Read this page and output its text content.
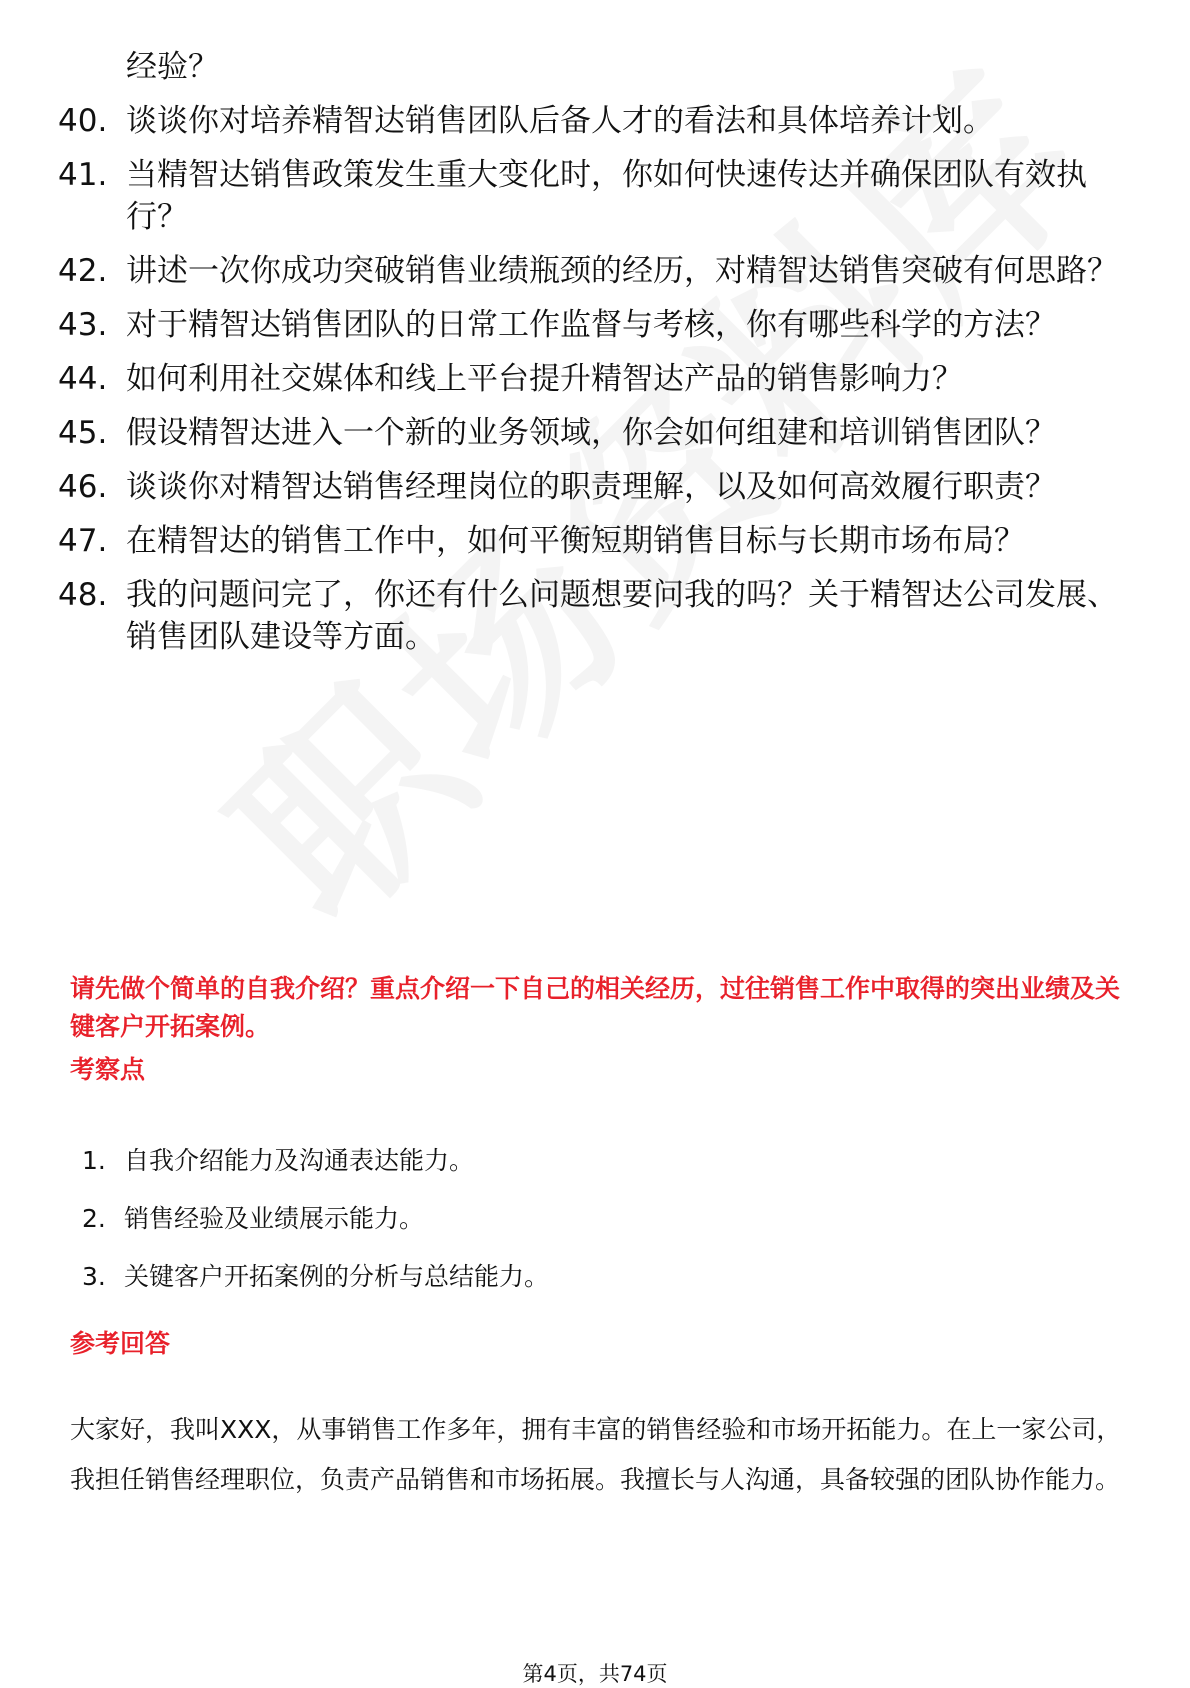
经验？
40. 谈谈你对培养精智达销售团队后备人才的看法和具体培养计划。
41. 当精智达销售政策发生重大变化时，你如何快速传达并确保团队有效执行？
42. 讲述一次你成功突破销售业绩瓶颈的经历，对精智达销售突破有何思路？
43. 对于精智达销售团队的日常工作监督与考核，你有哪些科学的方法？
44. 如何利用社交媒体和线上平台提升精智达产品的销售影响力？
45. 假设精智达进入一个新的业务领域，你会如何组建和培训销售团队？
46. 谈谈你对精智达销售经理岗位的职责理解，以及如何高效履行职责？
47. 在精智达的销售工作中，如何平衡短期销售目标与长期市场布局？
48. 我的问题问完了，你还有什么问题想要问我的吗？关于精智达公司发展、销售团队建设等方面。
请先做个简单的自我介绍？重点介绍一下自己的相关经历，过往销售工作中取得的突出业绩及关键客户开拓案例。
考察点
1. 自我介绍能力及沟通表达能力。
2. 销售经验及业绩展示能力。
3. 关键客户开拓案例的分析与总结能力。
参考回答
大家好，我叫XXX，从事销售工作多年，拥有丰富的销售经验和市场开拓能力。在上一家公司，我担任销售经理职位，负责产品销售和市场拓展。我擅长与人沟通，具备较强的团队协作能力。
第4页，共74页
